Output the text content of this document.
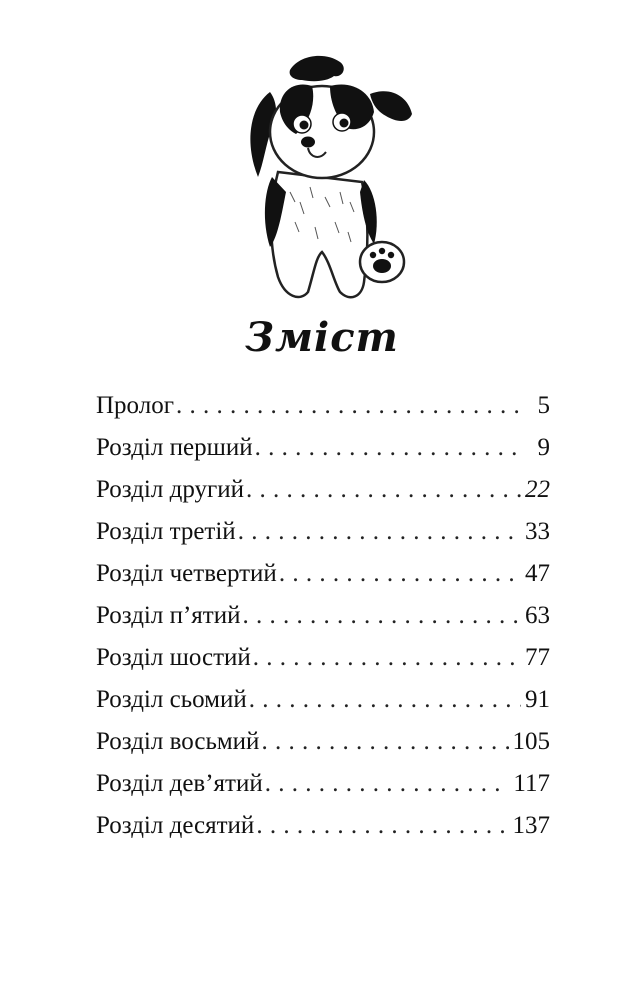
Зміст
Пролог . . .	5
Розділ перший . . .	9
Розділ другий . . .	22
Розділ третій . . .	33
Розділ четвертий . . .	47
Розділ п’ятий . . .	63
Розділ шостий . . .	77
Розділ сьомий . . .	91
Розділ восьмий . . .	105
Розділ дев’ятий . . .	117
Розділ десятий . . .	137
